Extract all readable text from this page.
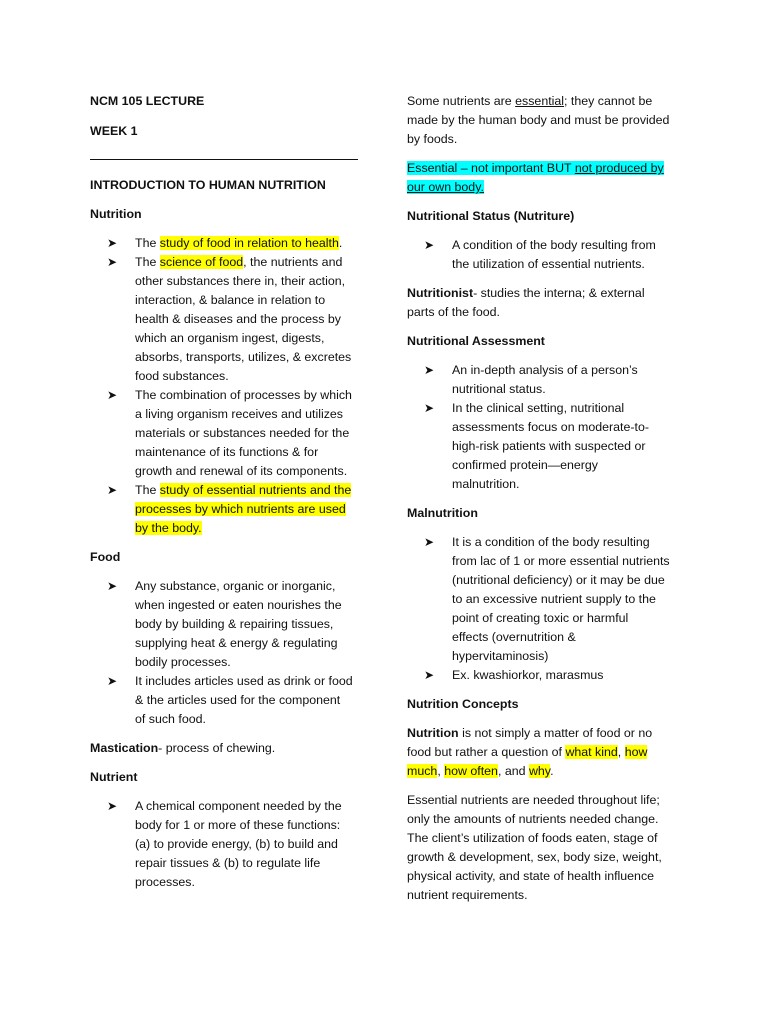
NCM 105 LECTURE

WEEK 1

INTRODUCTION TO HUMAN NUTRITION

Nutrition

➤ The study of food in relation to health.
➤ The science of food, the nutrients and
other substances there in, their action,
interaction, & balance in relation to
health & diseases and the process by
which an organism ingest, digests,
absorbs, transports, utilizes, & excretes
food substances.
➤ The combination of processes by which
a living organism receives and utilizes
materials or substances needed for the
maintenance of its functions & for
growth and renewal of its components.
➤ The study of essential nutrients and the
processes by which nutrients are used
by the body.

Food

➤ Any substance, organic or inorganic,
when ingested or eaten nourishes the
body by building & repairing tissues,
supplying heat & energy & regulating
bodily processes.
➤ It includes articles used as drink or food
& the articles used for the component
of such food.

Mastication- process of chewing.

Nutrient

➤ A chemical component needed by the
body for 1 or more of these functions:
(a) to provide energy, (b) to build and
repair tissues & (b) to regulate life
processes.

Some nutrients are essential; they cannot be
made by the human body and must be provided
by foods.

Essential – not important BUT not produced by
our own body.

Nutritional Status (Nutriture)

➤ A condition of the body resulting from
the utilization of essential nutrients.

Nutritionist- studies the interna; & external
parts of the food.

Nutritional Assessment

➤ An in-depth analysis of a person’s
nutritional status.
➤ In the clinical setting, nutritional
assessments focus on moderate-to-
high-risk patients with suspected or
confirmed protein—energy
malnutrition.

Malnutrition

➤ It is a condition of the body resulting
from lac of 1 or more essential nutrients
(nutritional deficiency) or it may be due
to an excessive nutrient supply to the
point of creating toxic or harmful
effects (overnutrition &
hypervitaminosis)
➤ Ex. kwashiorkor, marasmus

Nutrition Concepts

Nutrition is not simply a matter of food or no
food but rather a question of what kind, how
much, how often, and why.

Essential nutrients are needed throughout life;
only the amounts of nutrients needed change.
The client’s utilization of foods eaten, stage of
growth & development, sex, body size, weight,
physical activity, and state of health influence
nutrient requirements.
